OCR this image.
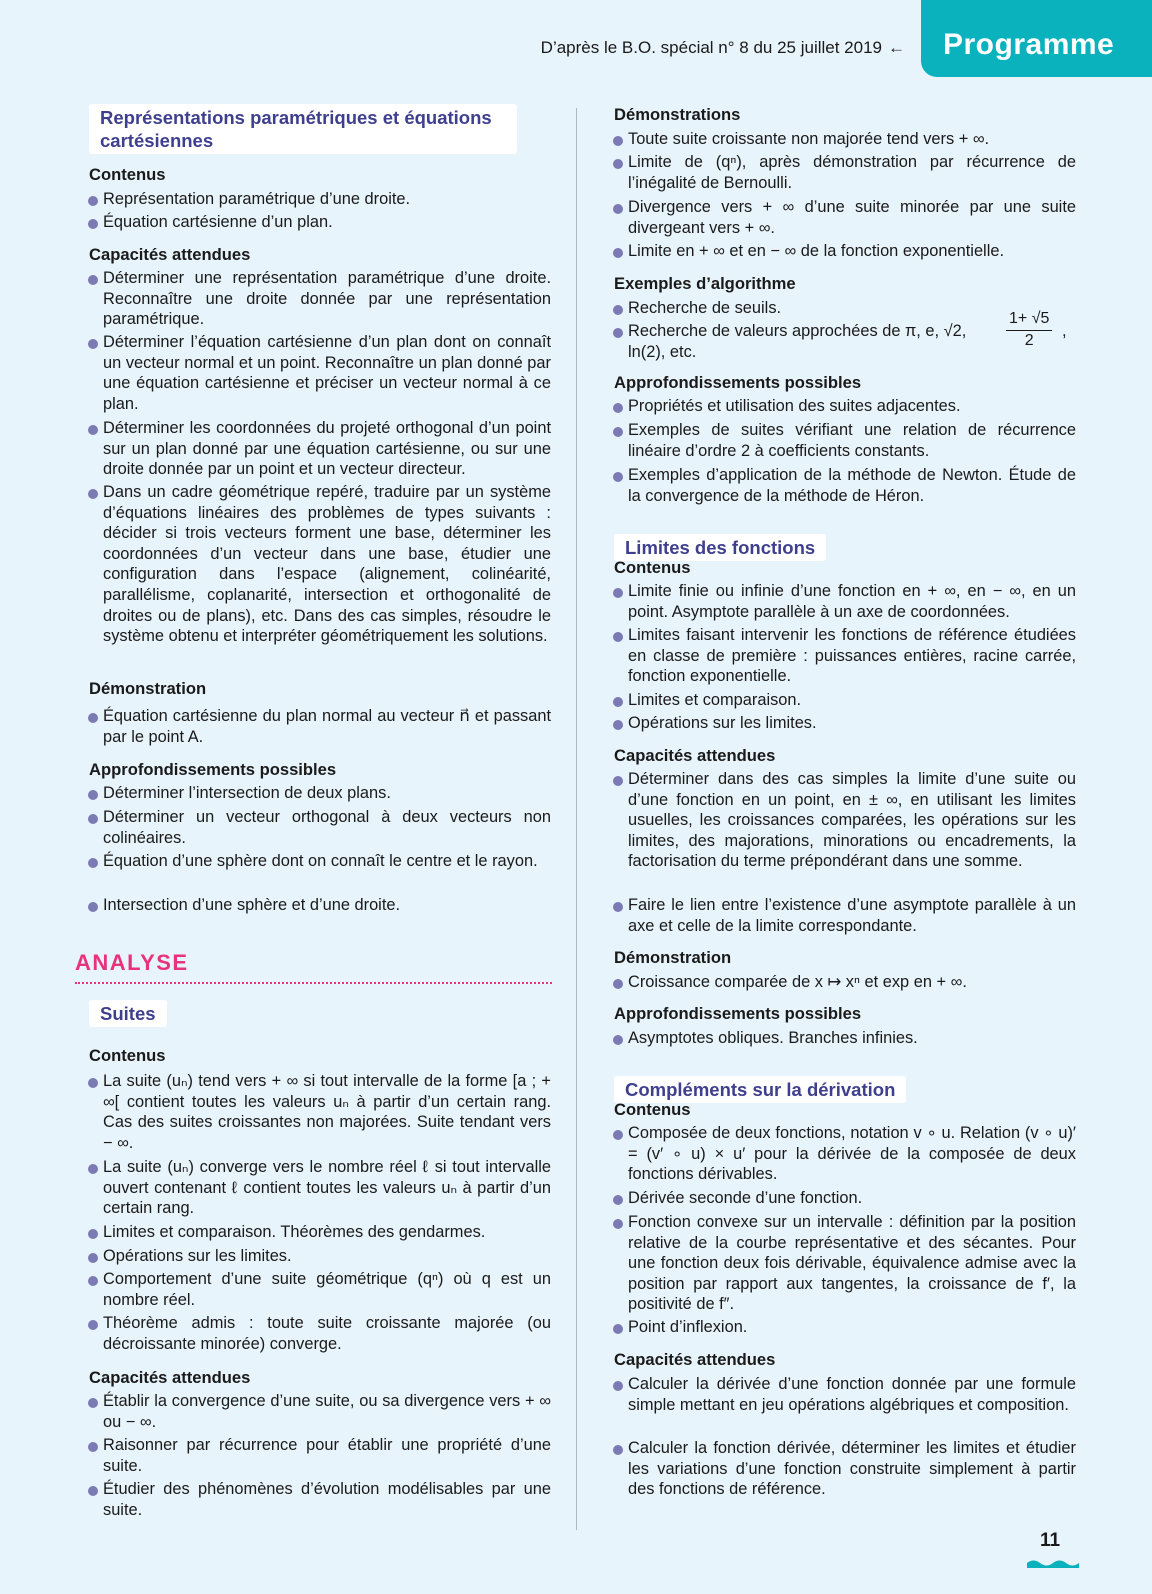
D’après le B.O. spécial n° 8 du 25 juillet 2019 ← Programme
Représentations paramétriques et équations cartésiennes
Contenus
Représentation paramétrique d’une droite.
Équation cartésienne d’un plan.
Capacités attendues
Déterminer une représentation paramétrique d’une droite. Reconnaître une droite donnée par une représentation paramétrique.
Déterminer l’équation cartésienne d’un plan dont on connaît un vecteur normal et un point. Reconnaître un plan donné par une équation cartésienne et préciser un vecteur normal à ce plan.
Déterminer les coordonnées du projeté orthogonal d’un point sur un plan donné par une équation cartésienne, ou sur une droite donnée par un point et un vecteur directeur.
Dans un cadre géométrique repéré, traduire par un système d’équations linéaires des problèmes de types suivants : décider si trois vecteurs forment une base, déterminer les coordonnées d’un vecteur dans une base, étudier une configuration dans l’espace (alignement, colinéarité, parallélisme, coplanarité, intersection et orthogonalité de droites ou de plans), etc. Dans des cas simples, résoudre le système obtenu et interpréter géométriquement les solutions.
Démonstration
Équation cartésienne du plan normal au vecteur n⃗ et passant par le point A.
Approfondissements possibles
Déterminer l’intersection de deux plans.
Déterminer un vecteur orthogonal à deux vecteurs non colinéaires.
Équation d’une sphère dont on connaît le centre et le rayon.
Intersection d’une sphère et d’une droite.
ANALYSE
Suites
Contenus
La suite (uₙ) tend vers + ∞ si tout intervalle de la forme [a ; + ∞[ contient toutes les valeurs uₙ à partir d’un certain rang. Cas des suites croissantes non majorées. Suite tendant vers − ∞.
La suite (uₙ) converge vers le nombre réel ℓ si tout intervalle ouvert contenant ℓ contient toutes les valeurs uₙ à partir d’un certain rang.
Limites et comparaison. Théorèmes des gendarmes.
Opérations sur les limites.
Comportement d’une suite géométrique (qⁿ) où q est un nombre réel.
Théorème admis : toute suite croissante majorée (ou décroissante minorée) converge.
Capacités attendues
Établir la convergence d’une suite, ou sa divergence vers + ∞ ou − ∞.
Raisonner par récurrence pour établir une propriété d’une suite.
Étudier des phénomènes d’évolution modélisables par une suite.
Démonstrations
Toute suite croissante non majorée tend vers + ∞.
Limite de (qⁿ), après démonstration par récurrence de l’inégalité de Bernoulli.
Divergence vers + ∞ d’une suite minorée par une suite divergeant vers + ∞.
Limite en + ∞ et en − ∞ de la fonction exponentielle.
Exemples d’algorithme
Recherche de seuils.
Recherche de valeurs approchées de π, e, √2,
ln(2), etc.
$\frac{1+ √5}{2}$ ,
Approfondissements possibles
Propriétés et utilisation des suites adjacentes.
Exemples de suites vérifiant une relation de récurrence linéaire d’ordre 2 à coefficients constants.
Exemples d’application de la méthode de Newton. Étude de la convergence de la méthode de Héron.
Limites des fonctions
Contenus
Limite finie ou infinie d’une fonction en + ∞, en − ∞, en un point. Asymptote parallèle à un axe de coordonnées.
Limites faisant intervenir les fonctions de référence étudiées en classe de première : puissances entières, racine carrée, fonction exponentielle.
Limites et comparaison.
Opérations sur les limites.
Capacités attendues
Déterminer dans des cas simples la limite d’une suite ou d’une fonction en un point, en ± ∞, en utilisant les limites usuelles, les croissances comparées, les opérations sur les limites, des majorations, minorations ou encadrements, la factorisation du terme prépondérant dans une somme.
Faire le lien entre l’existence d’une asymptote parallèle à un axe et celle de la limite correspondante.
Démonstration
Croissance comparée de x ↦ xⁿ et exp en + ∞.
Approfondissements possibles
Asymptotes obliques. Branches infinies.
Compléments sur la dérivation
Contenus
Composée de deux fonctions, notation v ∘ u. Relation (v ∘ u)′ = (v′ ∘ u) × u′ pour la dérivée de la composée de deux fonctions dérivables.
Dérivée seconde d’une fonction.
Fonction convexe sur un intervalle : définition par la position relative de la courbe représentative et des sécantes. Pour une fonction deux fois dérivable, équivalence admise avec la position par rapport aux tangentes, la croissance de f′, la positivité de f″.
Point d’inflexion.
Capacités attendues
Calculer la dérivée d’une fonction donnée par une formule simple mettant en jeu opérations algébriques et composition.
Calculer la fonction dérivée, déterminer les limites et étudier les variations d’une fonction construite simplement à partir des fonctions de référence.
11
